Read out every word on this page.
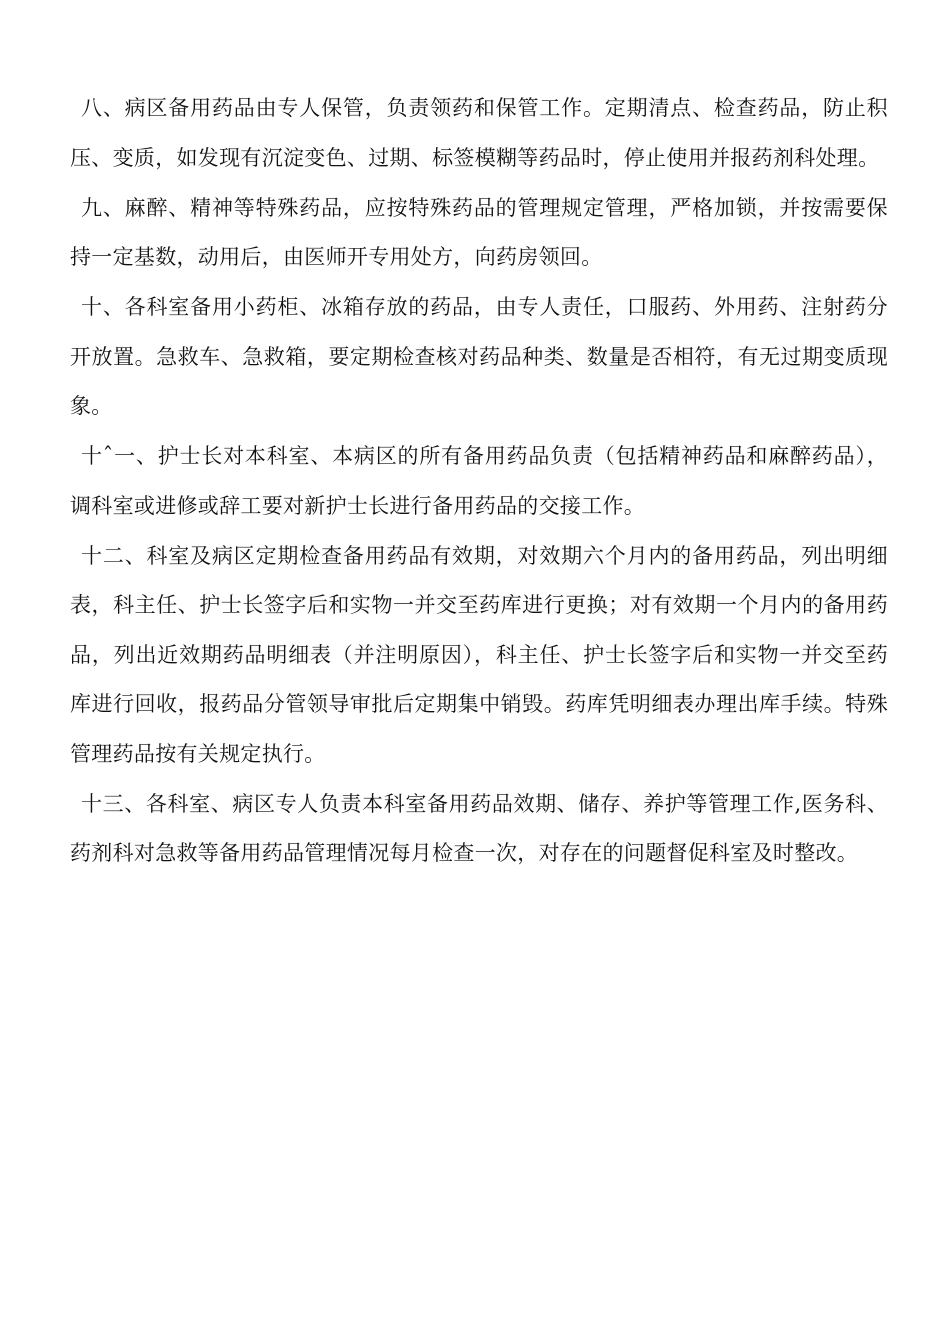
八、病区备用药品由专人保管，负责领药和保管工作。定期清点、检查药品，防止积压、变质，如发现有沉淀变色、过期、标签模糊等药品时，停止使用并报药剂科处理。

九、麻醉、精神等特殊药品，应按特殊药品的管理规定管理，严格加锁，并按需要保持一定基数，动用后，由医师开专用处方，向药房领回。

十、各科室备用小药柜、冰箱存放的药品，由专人责任，口服药、外用药、注射药分开放置。急救车、急救箱，要定期检查核对药品种类、数量是否相符，有无过期变质现象。

十ˆ一、护士长对本科室、本病区的所有备用药品负责（包括精神药品和麻醉药品），调科室或进修或辞工要对新护士长进行备用药品的交接工作。

十二、科室及病区定期检查备用药品有效期，对效期六个月内的备用药品，列出明细表，科主任、护士长签字后和实物一并交至药库进行更换；对有效期一个月内的备用药品，列出近效期药品明细表（并注明原因），科主任、护士长签字后和实物一并交至药库进行回收，报药品分管领导审批后定期集中销毁。药库凭明细表办理出库手续。特殊管理药品按有关规定执行。

十三、各科室、病区专人负责本科室备用药品效期、储存、养护等管理工作,医务科、药剂科对急救等备用药品管理情况每月检查一次，对存在的问题督促科室及时整改。
